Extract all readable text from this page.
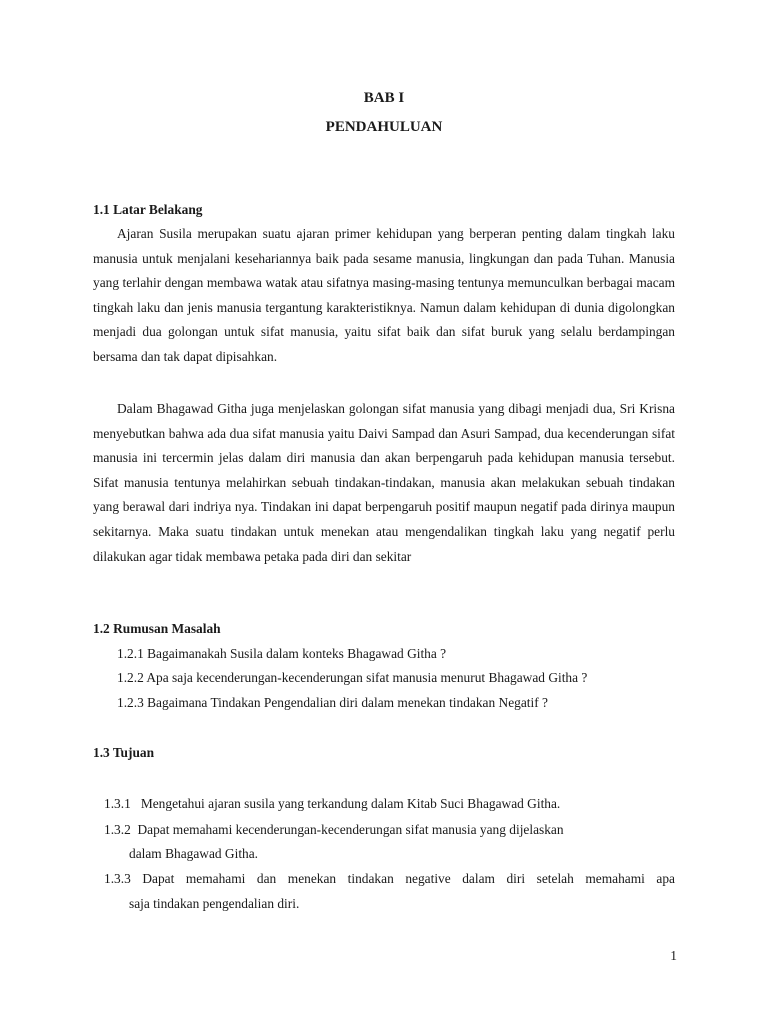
BAB I
PENDAHULUAN
1.1 Latar Belakang

Ajaran Susila merupakan suatu ajaran primer kehidupan yang berperan penting dalam tingkah laku manusia untuk menjalani kesehariannya baik pada sesame manusia, lingkungan dan pada Tuhan. Manusia yang terlahir dengan membawa watak atau sifatnya masing-masing tentunya memunculkan berbagai macam tingkah laku dan jenis manusia tergantung karakteristiknya. Namun dalam kehidupan di dunia digolongkan menjadi dua golongan untuk sifat manusia, yaitu sifat baik dan sifat buruk yang selalu berdampingan bersama dan tak dapat dipisahkan.

Dalam Bhagawad Githa juga menjelaskan golongan sifat manusia yang dibagi menjadi dua, Sri Krisna menyebutkan bahwa ada dua sifat manusia yaitu Daivi Sampad dan Asuri Sampad, dua kecenderungan sifat manusia ini tercermin jelas dalam diri manusia dan akan berpengaruh pada kehidupan manusia tersebut. Sifat manusia tentunya melahirkan sebuah tindakan-tindakan, manusia akan melakukan sebuah tindakan yang berawal dari indriya nya. Tindakan ini dapat berpengaruh positif maupun negatif pada dirinya maupun sekitarnya. Maka suatu tindakan untuk menekan atau mengendalikan tingkah laku yang negatif perlu dilakukan agar tidak membawa petaka pada diri dan sekitar

1.2 Rumusan Masalah
1.2.1 Bagaimanakah Susila dalam konteks Bhagawad Githa ?
1.2.2 Apa saja kecenderungan-kecenderungan sifat manusia menurut Bhagawad Githa ?
1.2.3 Bagaimana Tindakan Pengendalian diri dalam menekan tindakan Negatif ?
1.3 Tujuan
1.3.1   Mengetahui ajaran susila yang terkandung dalam Kitab Suci Bhagawad Githa.
1.3.2  Dapat memahami kecenderungan-kecenderungan sifat manusia yang dijelaskan
dalam Bhagawad Githa.
1.3.3 Dapat memahami dan menekan tindakan negative dalam diri setelah memahami apa
saja tindakan pengendalian diri.
1
